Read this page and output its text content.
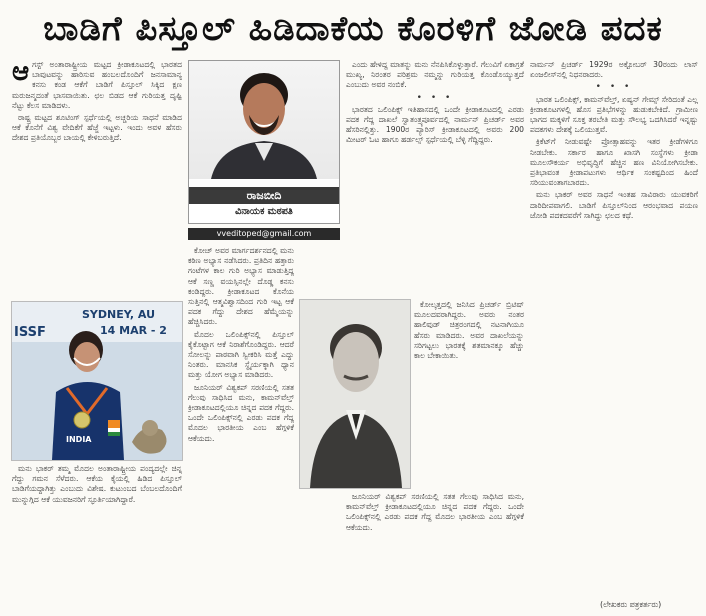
ಬಾಡಿಗೆ ಪಿಸ್ತೂಲ್ ಹಿಡಿದಾಕೆಯ ಕೊರಳಿಗೆ ಜೋಡಿ ಪದಕ
ಆ ಗಸ್ಟ್ ಅಂತಾರಾಷ್ಟ್ರೀಯ ಮಟ್ಟದ ಕ್ರೀಡಾಕೂಟದಲ್ಲಿ ಭಾರತದ ಬಾವುಟವನ್ನು ಹಾರಿಸುವ ಹಂಬಲದೊಂದಿಗೆ ಜನಸಾಮಾನ್ಯ ಕನಸು ಕಂಡ ಆಕೆಗೆ ಬಾಡಿಗೆ ಪಿಸ್ತೂಲ್ ಸಿಕ್ಕಿದ ಕ್ಷಣ ಮರುಜನ್ಮದಂತೆ ಭಾಸವಾಯಿತು. ಛಲ ಬಿಡದ ಆಕೆ ಗುರಿಯತ್ತ ದೃಷ್ಟಿ ನೆಟ್ಟು ಕೆಲಸ ಮಾಡಿದಳು.

ರಾಷ್ಟ್ರ ಮಟ್ಟದ ಶೂಟಿಂಗ್ ಸ್ಪರ್ಧೆಯಲ್ಲಿ ಅಚ್ಚರಿಯ ಸಾಧನೆ ಮಾಡಿದ ಆಕೆ ಕೊನೆಗೆ ವಿಶ್ವ ವೇದಿಕೆಗೆ ಹೆಜ್ಜೆ ಇಟ್ಟಳು. ಇಂದು ಅವಳ ಹೆಸರು ದೇಶದ ಪ್ರತಿಯೊಬ್ಬರ ಬಾಯಲ್ಲಿ ಕೇಳಿಬರುತ್ತಿದೆ.

SYDNEY, AU
14 MAR - 2
ISSF
INDIA

ಮನು ಭಾಕರ್ ತಮ್ಮ ಮೊದಲ ಅಂತಾರಾಷ್ಟ್ರೀಯ ಪಂದ್ಯದಲ್ಲೇ ಚಿನ್ನ ಗೆದ್ದು ಗಮನ ಸೆಳೆದರು. ಆಕೆಯ ಕೈಯಲ್ಲಿ ಹಿಡಿದ ಪಿಸ್ತೂಲ್ ಬಾಡಿಗೆಯದ್ದಾಗಿತ್ತು ಎಂಬುದು ವಿಶೇಷ. ಕುಟುಂಬದ ಬೆಂಬಲದೊಂದಿಗೆ ಮುನ್ನುಗ್ಗಿದ ಆಕೆ ಯುವಜನರಿಗೆ ಸ್ಫೂರ್ತಿಯಾಗಿದ್ದಾರೆ.

ರಾಜಬೀದಿ
ವಿನಾಯಕ ಮಠಪತಿ
vveditoped@gmail.com

ಕೋಚ್ ಅವರ ಮಾರ್ಗದರ್ಶನದಲ್ಲಿ ಮನು ಕಠಿಣ ಅಭ್ಯಾಸ ನಡೆಸಿದರು. ಪ್ರತಿದಿನ ಹತ್ತಾರು ಗಂಟೆಗಳ ಕಾಲ ಗುರಿ ಅಭ್ಯಾಸ ಮಾಡುತ್ತಿದ್ದ ಆಕೆ ಸಣ್ಣ ವಯಸ್ಸಿನಲ್ಲೇ ದೊಡ್ಡ ಕನಸು ಕಂಡಿದ್ದರು. ಕ್ರೀಡಾಕೂಟದ ಕೊನೆಯ ಸುತ್ತಿನಲ್ಲಿ ಆತ್ಮವಿಶ್ವಾಸದಿಂದ ಗುರಿ ಇಟ್ಟ ಆಕೆ ಪದಕ ಗೆದ್ದು ದೇಶದ ಹೆಮ್ಮೆಯನ್ನು ಹೆಚ್ಚಿಸಿದರು.

ಮೊದಲ ಒಲಿಂಪಿಕ್ಸ್‌ನಲ್ಲಿ ಪಿಸ್ತೂಲ್ ಕೈಕೊಟ್ಟಾಗ ಆಕೆ ನಿರಾಶೆಗೊಂಡಿದ್ದರು. ಆದರೆ ಸೋಲನ್ನು ಪಾಠವಾಗಿ ಸ್ವೀಕರಿಸಿ ಮತ್ತೆ ಎದ್ದು ನಿಂತರು. ಮಾನಸಿಕ ಸ್ಥೈರ್ಯಕ್ಕಾಗಿ ಧ್ಯಾನ ಮತ್ತು ಯೋಗ ಅಭ್ಯಾಸ ಮಾಡಿದರು.

ಜೂನಿಯರ್ ವಿಶ್ವಕಪ್ ಸರಣಿಯಲ್ಲಿ ಸತತ ಗೆಲುವು ಸಾಧಿಸಿದ ಮನು, ಕಾಮನ್‌ವೆಲ್ತ್ ಕ್ರೀಡಾಕೂಟದಲ್ಲಿಯೂ ಚಿನ್ನದ ಪದಕ ಗೆದ್ದರು. ಒಂದೇ ಒಲಿಂಪಿಕ್ಸ್‌ನಲ್ಲಿ ಎರಡು ಪದಕ ಗೆದ್ದ ಮೊದಲ ಭಾರತೀಯ ಎಂಬ ಹೆಗ್ಗಳಿಕೆ ಆಕೆಯದು.

ಎಂದು ಹೇಳಿದ್ದ ಮಾತನ್ನು ಮನು ನೆನಪಿಸಿಕೊಳ್ಳುತ್ತಾರೆ. ಗೆಲುವಿಗೆ ಏಕಾಗ್ರತೆ ಮುಖ್ಯ, ನಿರಂತರ ಪರಿಶ್ರಮ ನಮ್ಮನ್ನು ಗುರಿಯತ್ತ ಕೊಂಡೊಯ್ಯುತ್ತದೆ ಎಂಬುದು ಅವರ ನಂಬಿಕೆ.

• • •

ಭಾರತದ ಒಲಿಂಪಿಕ್ಸ್ ಇತಿಹಾಸದಲ್ಲಿ ಒಂದೇ ಕ್ರೀಡಾಕೂಟದಲ್ಲಿ ಎರಡು ಪದಕ ಗೆದ್ದ ದಾಖಲೆ ಸ್ವಾತಂತ್ರ್ಯಪೂರ್ವದಲ್ಲಿ ನಾರ್ಮನ್ ಪ್ರಿಚರ್ಡ್ ಅವರ ಹೆಸರಿನಲ್ಲಿತ್ತು. 1900ರ ಪ್ಯಾರಿಸ್ ಕ್ರೀಡಾಕೂಟದಲ್ಲಿ ಅವರು 200 ಮೀಟರ್ ಓಟ ಹಾಗೂ ಹರ್ಡಲ್ಸ್ ಸ್ಪರ್ಧೆಯಲ್ಲಿ ಬೆಳ್ಳಿ ಗೆದ್ದಿದ್ದರು.

ಕೋಲ್ಕತ್ತದಲ್ಲಿ ಜನಿಸಿದ ಪ್ರಿಚರ್ಡ್ ಬ್ರಿಟಿಷ್ ಮೂಲದವರಾಗಿದ್ದರು. ಅವರು ನಂತರ ಹಾಲಿವುಡ್ ಚಿತ್ರರಂಗದಲ್ಲಿ ನಟನಾಗಿಯೂ ಹೆಸರು ಮಾಡಿದರು. ಅವರ ದಾಖಲೆಯನ್ನು ಸರಿಗಟ್ಟಲು ಭಾರತಕ್ಕೆ ಶತಮಾನಕ್ಕೂ ಹೆಚ್ಚು ಕಾಲ ಬೇಕಾಯಿತು.

ಜೂನಿಯರ್ ವಿಶ್ವಕಪ್ ಸರಣಿಯಲ್ಲಿ ಸತತ ಗೆಲುವು ಸಾಧಿಸಿದ ಮನು, ಕಾಮನ್‌ವೆಲ್ತ್ ಕ್ರೀಡಾಕೂಟದಲ್ಲಿಯೂ ಚಿನ್ನದ ಪದಕ ಗೆದ್ದರು. ಒಂದೇ ಒಲಿಂಪಿಕ್ಸ್‌ನಲ್ಲಿ ಎರಡು ಪದಕ ಗೆದ್ದ ಮೊದಲ ಭಾರತೀಯ ಎಂಬ ಹೆಗ್ಗಳಿಕೆ ಆಕೆಯದು.

ನಾರ್ಮನ್ ಪ್ರಿಚರ್ಡ್ 1929ರ ಅಕ್ಟೋಬರ್ 30ರಂದು ಲಾಸ್ ಏಂಜಲೀಸ್‌ನಲ್ಲಿ ನಿಧನರಾದರು.

• • •

ಭಾರತ ಒಲಿಂಪಿಕ್ಸ್, ಕಾಮನ್‌ವೆಲ್ತ್, ಏಷ್ಯನ್ ಗೇಮ್ಸ್ ಸೇರಿದಂತೆ ಎಲ್ಲ ಕ್ರೀಡಾಕೂಟಗಳಲ್ಲಿ ಹೊಸ ಪ್ರತಿಭೆಗಳನ್ನು ಹುಡುಕಬೇಕಿದೆ. ಗ್ರಾಮೀಣ ಭಾಗದ ಮಕ್ಕಳಿಗೆ ಸೂಕ್ತ ತರಬೇತಿ ಮತ್ತು ಸೌಲಭ್ಯ ಒದಗಿಸಿದರೆ ಇನ್ನಷ್ಟು ಪದಕಗಳು ದೇಶಕ್ಕೆ ಒಲಿಯುತ್ತವೆ.

ಕ್ರಿಕೆಟ್‌ಗೆ ನೀಡುವಷ್ಟೇ ಪ್ರೋತ್ಸಾಹವನ್ನು ಇತರ ಕ್ರೀಡೆಗಳಿಗೂ ನೀಡಬೇಕು. ಸರ್ಕಾರ ಹಾಗೂ ಖಾಸಗಿ ಸಂಸ್ಥೆಗಳು ಕ್ರೀಡಾ ಮೂಲಸೌಕರ್ಯ ಅಭಿವೃದ್ಧಿಗೆ ಹೆಚ್ಚಿನ ಹಣ ವಿನಿಯೋಗಿಸಬೇಕು. ಪ್ರತಿಭಾವಂತ ಕ್ರೀಡಾಪಟುಗಳು ಆರ್ಥಿಕ ಸಂಕಷ್ಟದಿಂದ ಹಿಂದೆ ಸರಿಯುವಂತಾಗಬಾರದು.

ಮನು ಭಾಕರ್ ಅವರ ಸಾಧನೆ ಇಂತಹ ಸಾವಿರಾರು ಯುವಕರಿಗೆ ದಾರಿದೀಪವಾಗಲಿ. ಬಾಡಿಗೆ ಪಿಸ್ತೂಲ್‌ನಿಂದ ಆರಂಭವಾದ ಪಯಣ ಜೋಡಿ ಪದಕದವರೆಗೆ ಸಾಗಿದ್ದು ಛಲದ ಕಥೆ.

(ಲೇಖಕರು ಪತ್ರಕರ್ತರು)
